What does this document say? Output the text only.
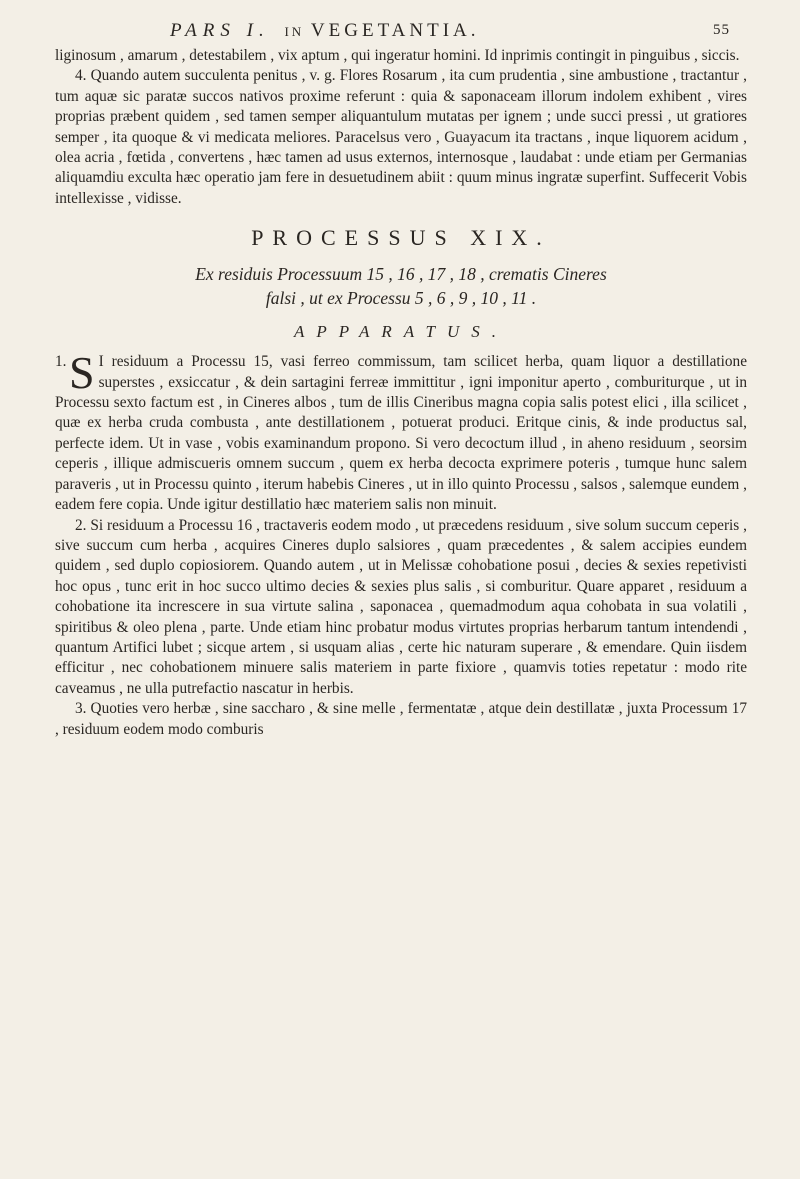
PARS I. IN VEGETANTIA.	55

liginosum , amarum , detestabilem , vix aptum , qui ingeratur homini. Id inprimis contingit in pinguibus , siccis.

4. Quando autem succulenta penitus , v. g. Flores Rosarum , ita cum prudentia , sine ambustione , tractantur , tum aquæ sic paratæ succos nativos proxime referunt : quia & saponaceam illorum indolem exhibent , vires proprias præbent quidem , sed tamen semper aliquantulum mutatas per ignem ; unde succi pressi , ut gratiores semper , ita quoque & vi medicata meliores. Paracelsus vero , Guayacum ita tractans , inque liquorem acidum , olea acria , fœtida , convertens , hæc tamen ad usus externos, internosque , laudabat : unde etiam per Germanias aliquamdiu exculta hæc operatio jam fere in desuetudinem abiit : quum minus ingratæ superfint. Suffecerit Vobis intellexisse , vidisse.

PROCESSUS XIX.
Ex residuis Processuum 15 , 16 , 17 , 18 , crematis Cineres
falsi , ut ex Processu 5 , 6 , 9 , 10 , 11 .
APPARATUS.

1. S I residuum a Processu 15, vasi ferreo commissum, tam scilicet herba, quam liquor a destillatione superstes , exsiccatur , & dein sartagini ferreæ immittitur , igni imponitur aperto , comburiturque , ut in Processu sexto factum est , in Cineres albos , tum de illis Cineribus magna copia salis potest elici , illa scilicet , quæ ex herba cruda combusta , ante destillationem , potuerat produci. Eritque cinis, & inde productus sal, perfecte idem. Ut in vase , vobis examinandum propono. Si vero decoctum illud , in aheno residuum , seorsim ceperis , illique admiscueris omnem succum , quem ex herba decocta exprimere poteris , tumque hunc salem paraveris , ut in Processu quinto , iterum habebis Cineres , ut in illo quinto Processu , salsos , salemque eundem , eadem fere copia. Unde igitur destillatio hæc materiem salis non minuit.

2. Si residuum a Processu 16 , tractaveris eodem modo , ut præcedens residuum , sive solum succum ceperis , sive succum cum herba , acquires Cineres duplo salsiores , quam præcedentes , & salem accipies eundem quidem , sed duplo copiosiorem. Quando autem , ut in Melissæ cohobatione posui , decies & sexies repetivisti hoc opus , tunc erit in hoc succo ultimo decies & sexies plus salis , si comburitur. Quare apparet , residuum a cohobatione ita increscere in sua virtute salina , saponacea , quemadmodum aqua cohobata in sua volatili , spiritibus & oleo plena , parte. Unde etiam hinc probatur modus virtutes proprias herbarum tantum intendendi , quantum Artifici lubet ; sicque artem , si usquam alias , certe hic naturam superare , & emendare. Quin iisdem efficitur , nec cohobationem minuere salis materiem in parte fixiore , quamvis toties repetatur : modo rite caveamus , ne ulla putrefactio nascatur in herbis.

3. Quoties vero herbæ , sine saccharo , & sine melle , fermentatæ , atque dein destillatæ , juxta Processum 17 , residuum eodem modo comburis
